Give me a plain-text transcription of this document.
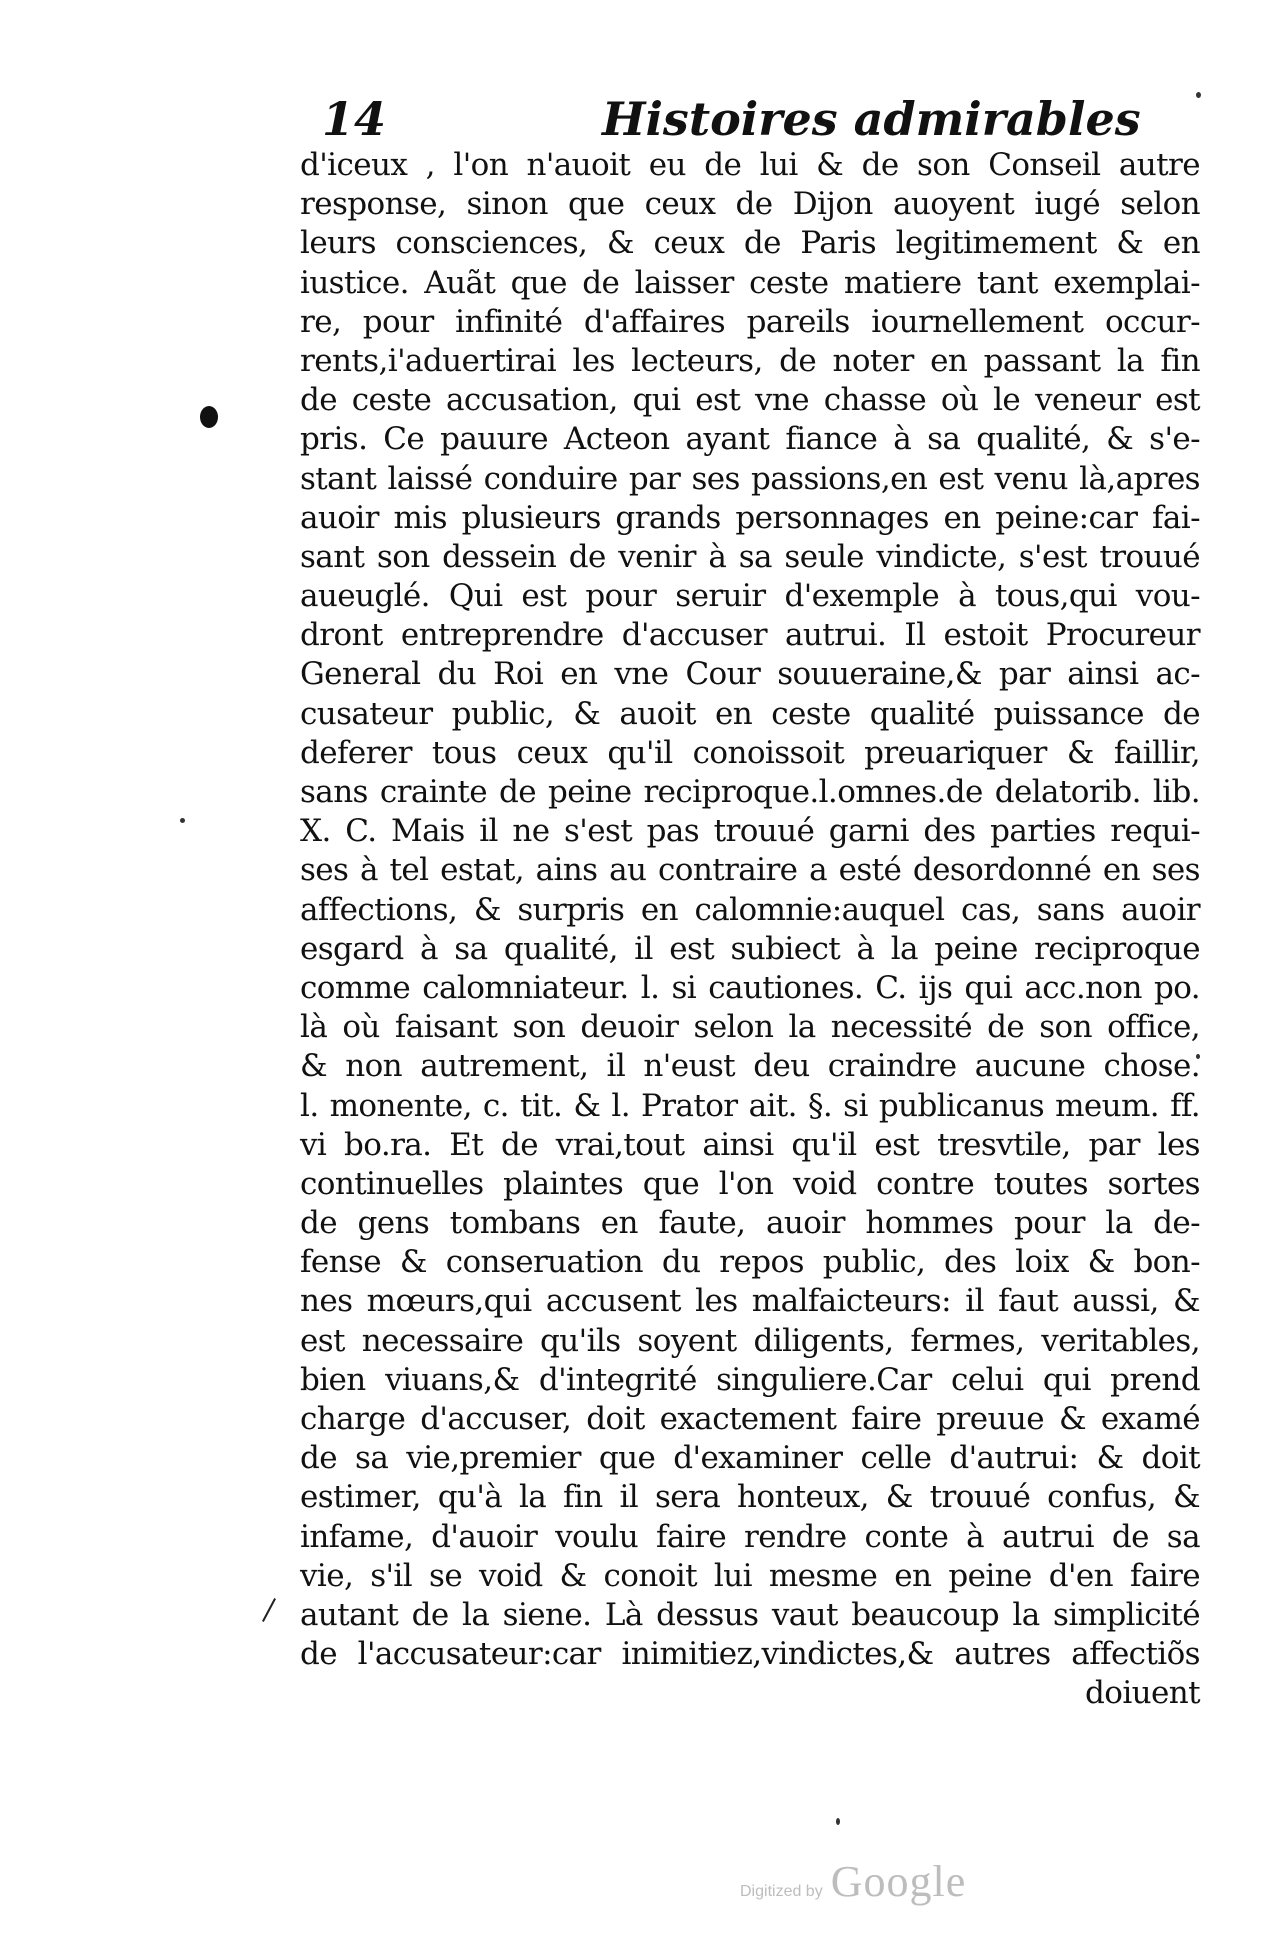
14	Histoires admirables
d'iceux , l'on n'auoit eu de lui & de son Conseil autre
response, sinon que ceux de Dijon auoyent iugé selon
leurs consciences, & ceux de Paris legitimement & en
iustice. Auãt que de laisser ceste matiere tant exemplai-
re, pour infinité d'affaires pareils iournellement occur-
rents,i'aduertirai les lecteurs, de noter en passant la fin
de ceste accusation, qui est vne chasse où le veneur est
pris. Ce pauure Acteon ayant fiance à sa qualité, & s'e-
stant laissé conduire par ses passions,en est venu là,apres
auoir mis plusieurs grands personnages en peine:car fai-
sant son dessein de venir à sa seule vindicte, s'est trouué
aueuglé. Qui est pour seruir d'exemple à tous,qui vou-
dront entreprendre d'accuser autrui. Il estoit Procureur
General du Roi en vne Cour souueraine,& par ainsi ac-
cusateur public, & auoit en ceste qualité puissance de
deferer tous ceux qu'il conoissoit preuariquer & faillir,
sans crainte de peine reciproque.l.omnes.de delatorib. lib.
X. C. Mais il ne s'est pas trouué garni des parties requi-
ses à tel estat, ains au contraire a esté desordonné en ses
affections, & surpris en calomnie:auquel cas, sans auoir
esgard à sa qualité, il est subiect à la peine reciproque
comme calomniateur. l. si cautiones. C. ijs qui acc.non po.
là où faisant son deuoir selon la necessité de son office,
& non autrement, il n'eust deu craindre aucune chose.
l. monente, c. tit. & l. Prator ait. §. si publicanus meum. ff.
vi bo.ra. Et de vrai,tout ainsi qu'il est tresvtile, par les
continuelles plaintes que l'on void contre toutes sortes
de gens tombans en faute, auoir hommes pour la de-
fense & conseruation du repos public, des loix & bon-
nes mœurs,qui accusent les malfaicteurs: il faut aussi, &
est necessaire qu'ils soyent diligents, fermes, veritables,
bien viuans,& d'integrité singuliere.Car celui qui prend
charge d'accuser, doit exactement faire preuue & examé
de sa vie,premier que d'examiner celle d'autrui: & doit
estimer, qu'à la fin il sera honteux, & trouué confus, &
infame, d'auoir voulu faire rendre conte à autrui de sa
vie, s'il se void & conoit lui mesme en peine d'en faire
autant de la siene. Là dessus vaut beaucoup la simplicité
de l'accusateur:car inimitiez,vindictes,& autres affectiõs
doiuent
Digitized by Google
